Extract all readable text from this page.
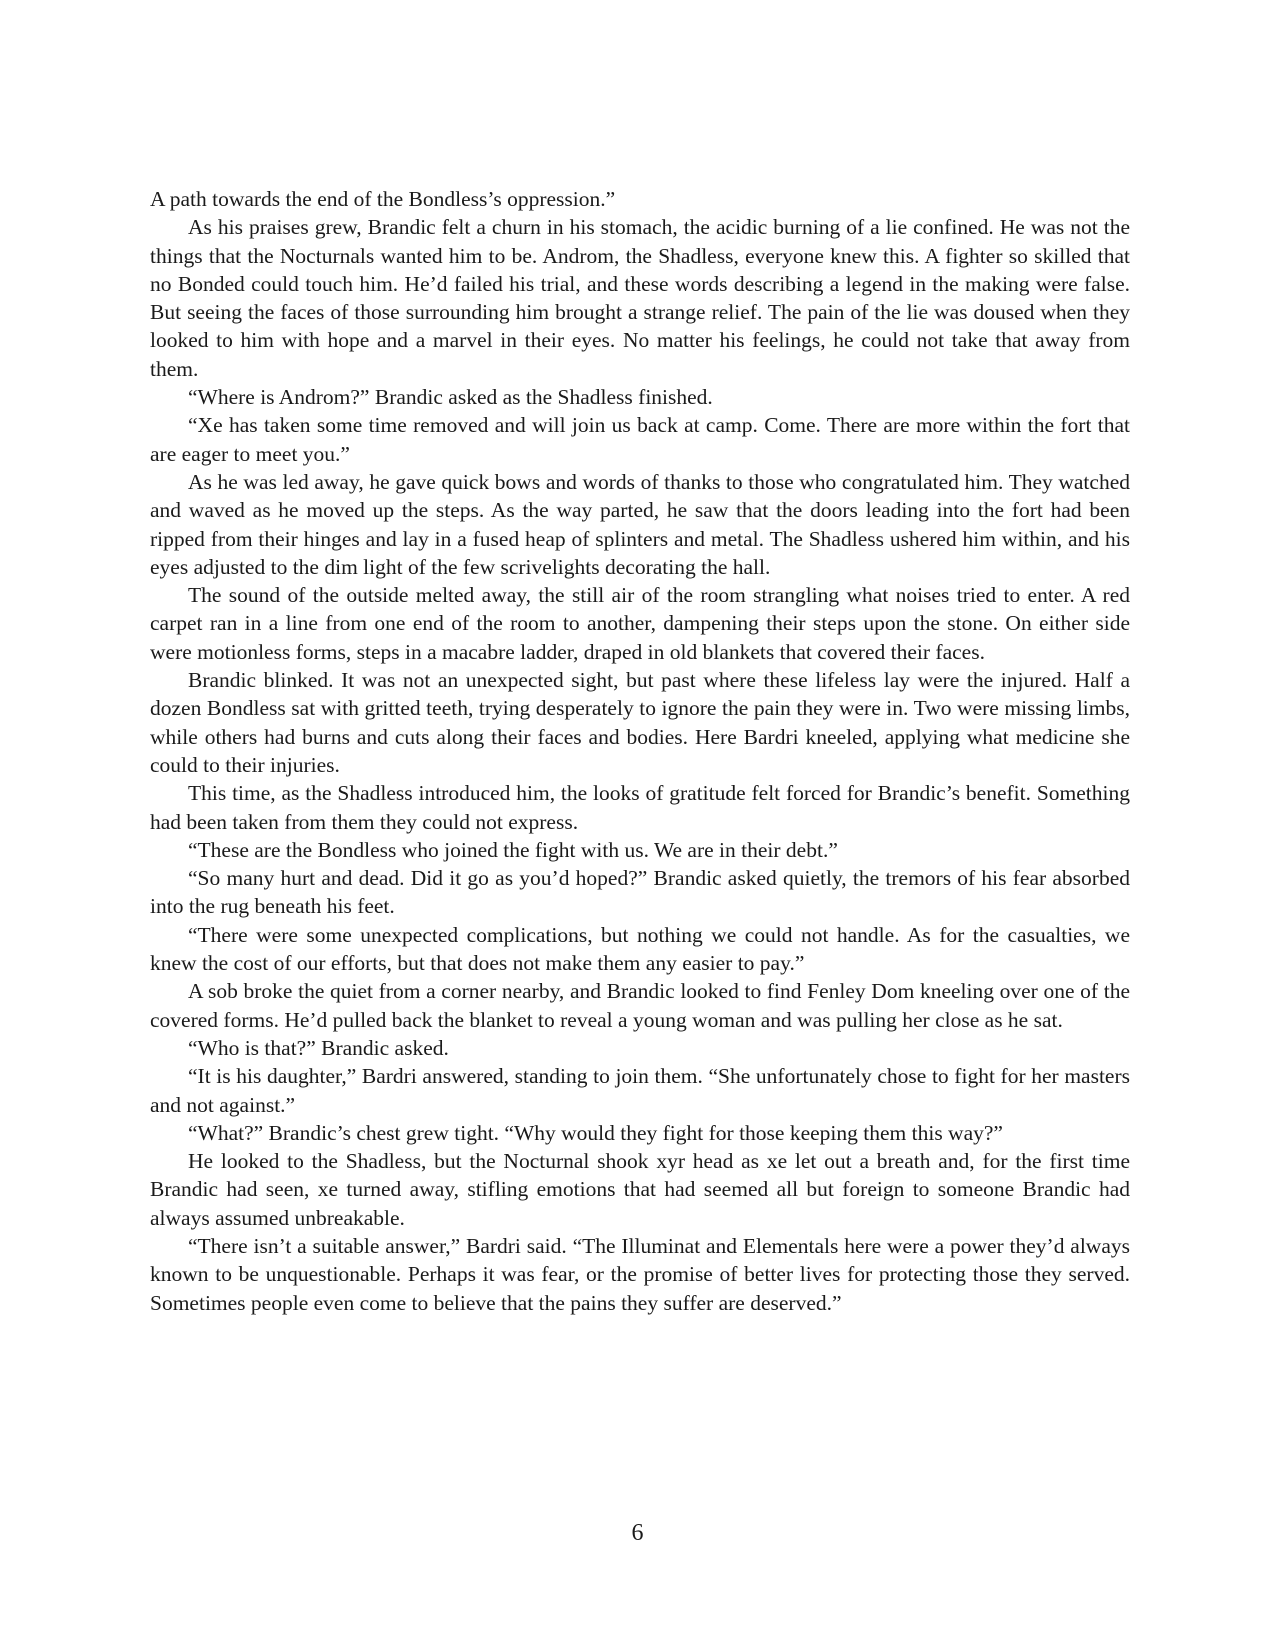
A path towards the end of the Bondless’s oppression.”

As his praises grew, Brandic felt a churn in his stomach, the acidic burning of a lie confined. He was not the things that the Nocturnals wanted him to be. Androm, the Shadless, everyone knew this. A fighter so skilled that no Bonded could touch him. He’d failed his trial, and these words describing a legend in the making were false. But seeing the faces of those surrounding him brought a strange relief. The pain of the lie was doused when they looked to him with hope and a marvel in their eyes. No matter his feelings, he could not take that away from them.

“Where is Androm?” Brandic asked as the Shadless finished.

“Xe has taken some time removed and will join us back at camp. Come. There are more within the fort that are eager to meet you.”

As he was led away, he gave quick bows and words of thanks to those who congratulated him. They watched and waved as he moved up the steps. As the way parted, he saw that the doors leading into the fort had been ripped from their hinges and lay in a fused heap of splinters and metal. The Shadless ushered him within, and his eyes adjusted to the dim light of the few scrivelights decorating the hall.

The sound of the outside melted away, the still air of the room strangling what noises tried to enter. A red carpet ran in a line from one end of the room to another, dampening their steps upon the stone. On either side were motionless forms, steps in a macabre ladder, draped in old blankets that covered their faces.

Brandic blinked. It was not an unexpected sight, but past where these lifeless lay were the injured. Half a dozen Bondless sat with gritted teeth, trying desperately to ignore the pain they were in. Two were missing limbs, while others had burns and cuts along their faces and bodies. Here Bardri kneeled, applying what medicine she could to their injuries.

This time, as the Shadless introduced him, the looks of gratitude felt forced for Brandic’s benefit. Something had been taken from them they could not express.

“These are the Bondless who joined the fight with us. We are in their debt.”

“So many hurt and dead. Did it go as you’d hoped?” Brandic asked quietly, the tremors of his fear absorbed into the rug beneath his feet.

“There were some unexpected complications, but nothing we could not handle. As for the casualties, we knew the cost of our efforts, but that does not make them any easier to pay.”

A sob broke the quiet from a corner nearby, and Brandic looked to find Fenley Dom kneeling over one of the covered forms. He’d pulled back the blanket to reveal a young woman and was pulling her close as he sat.

“Who is that?” Brandic asked.

“It is his daughter,” Bardri answered, standing to join them. “She unfortunately chose to fight for her masters and not against.”

“What?” Brandic’s chest grew tight. “Why would they fight for those keeping them this way?”

He looked to the Shadless, but the Nocturnal shook xyr head as xe let out a breath and, for the first time Brandic had seen, xe turned away, stifling emotions that had seemed all but foreign to someone Brandic had always assumed unbreakable.

“There isn’t a suitable answer,” Bardri said. “The Illuminat and Elementals here were a power they’d always known to be unquestionable. Perhaps it was fear, or the promise of better lives for protecting those they served. Sometimes people even come to believe that the pains they suffer are deserved.”

6
